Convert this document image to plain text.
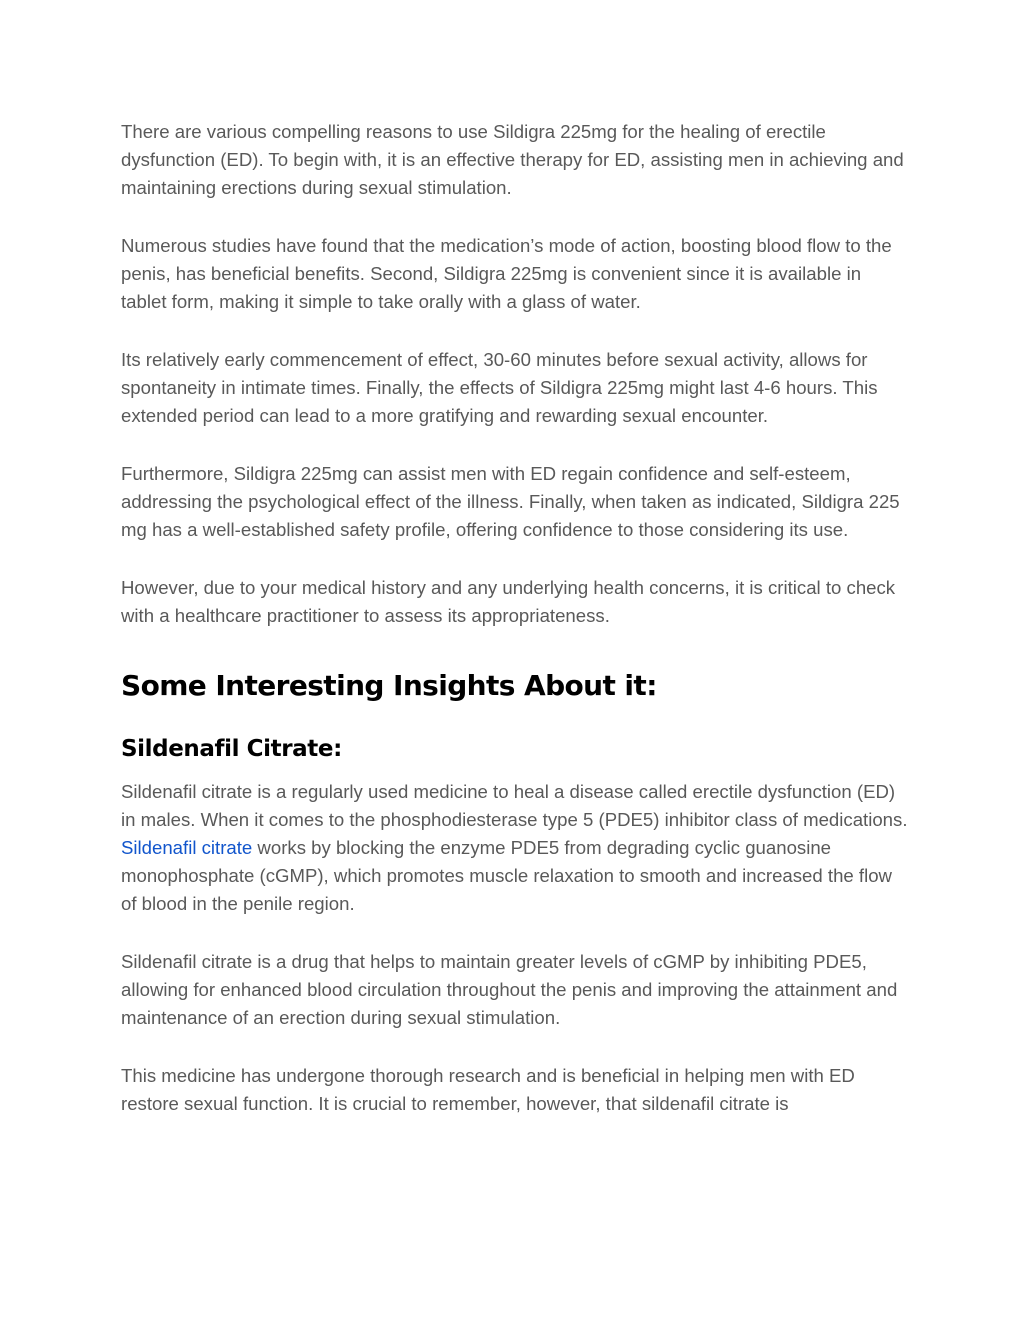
There are various compelling reasons to use Sildigra 225mg for the healing of erectile dysfunction (ED). To begin with, it is an effective therapy for ED, assisting men in achieving and maintaining erections during sexual stimulation.

Numerous studies have found that the medication’s mode of action, boosting blood flow to the penis, has beneficial benefits. Second, Sildigra 225mg is convenient since it is available in tablet form, making it simple to take orally with a glass of water.

Its relatively early commencement of effect, 30-60 minutes before sexual activity, allows for spontaneity in intimate times. Finally, the effects of Sildigra 225mg might last 4-6 hours. This extended period can lead to a more gratifying and rewarding sexual encounter.

Furthermore, Sildigra 225mg can assist men with ED regain confidence and self-esteem, addressing the psychological effect of the illness. Finally, when taken as indicated, Sildigra 225 mg has a well-established safety profile, offering confidence to those considering its use.

However, due to your medical history and any underlying health concerns, it is critical to check with a healthcare practitioner to assess its appropriateness.

Some Interesting Insights About it:
Sildenafil Citrate:

Sildenafil citrate is a regularly used medicine to heal a disease called erectile dysfunction (ED) in males. When it comes to the phosphodiesterase type 5 (PDE5) inhibitor class of medications. Sildenafil citrate works by blocking the enzyme PDE5 from degrading cyclic guanosine monophosphate (cGMP), which promotes muscle relaxation to smooth and increased the flow of blood in the penile region.

Sildenafil citrate is a drug that helps to maintain greater levels of cGMP by inhibiting PDE5, allowing for enhanced blood circulation throughout the penis and improving the attainment and maintenance of an erection during sexual stimulation.

This medicine has undergone thorough research and is beneficial in helping men with ED restore sexual function. It is crucial to remember, however, that sildenafil citrate is
